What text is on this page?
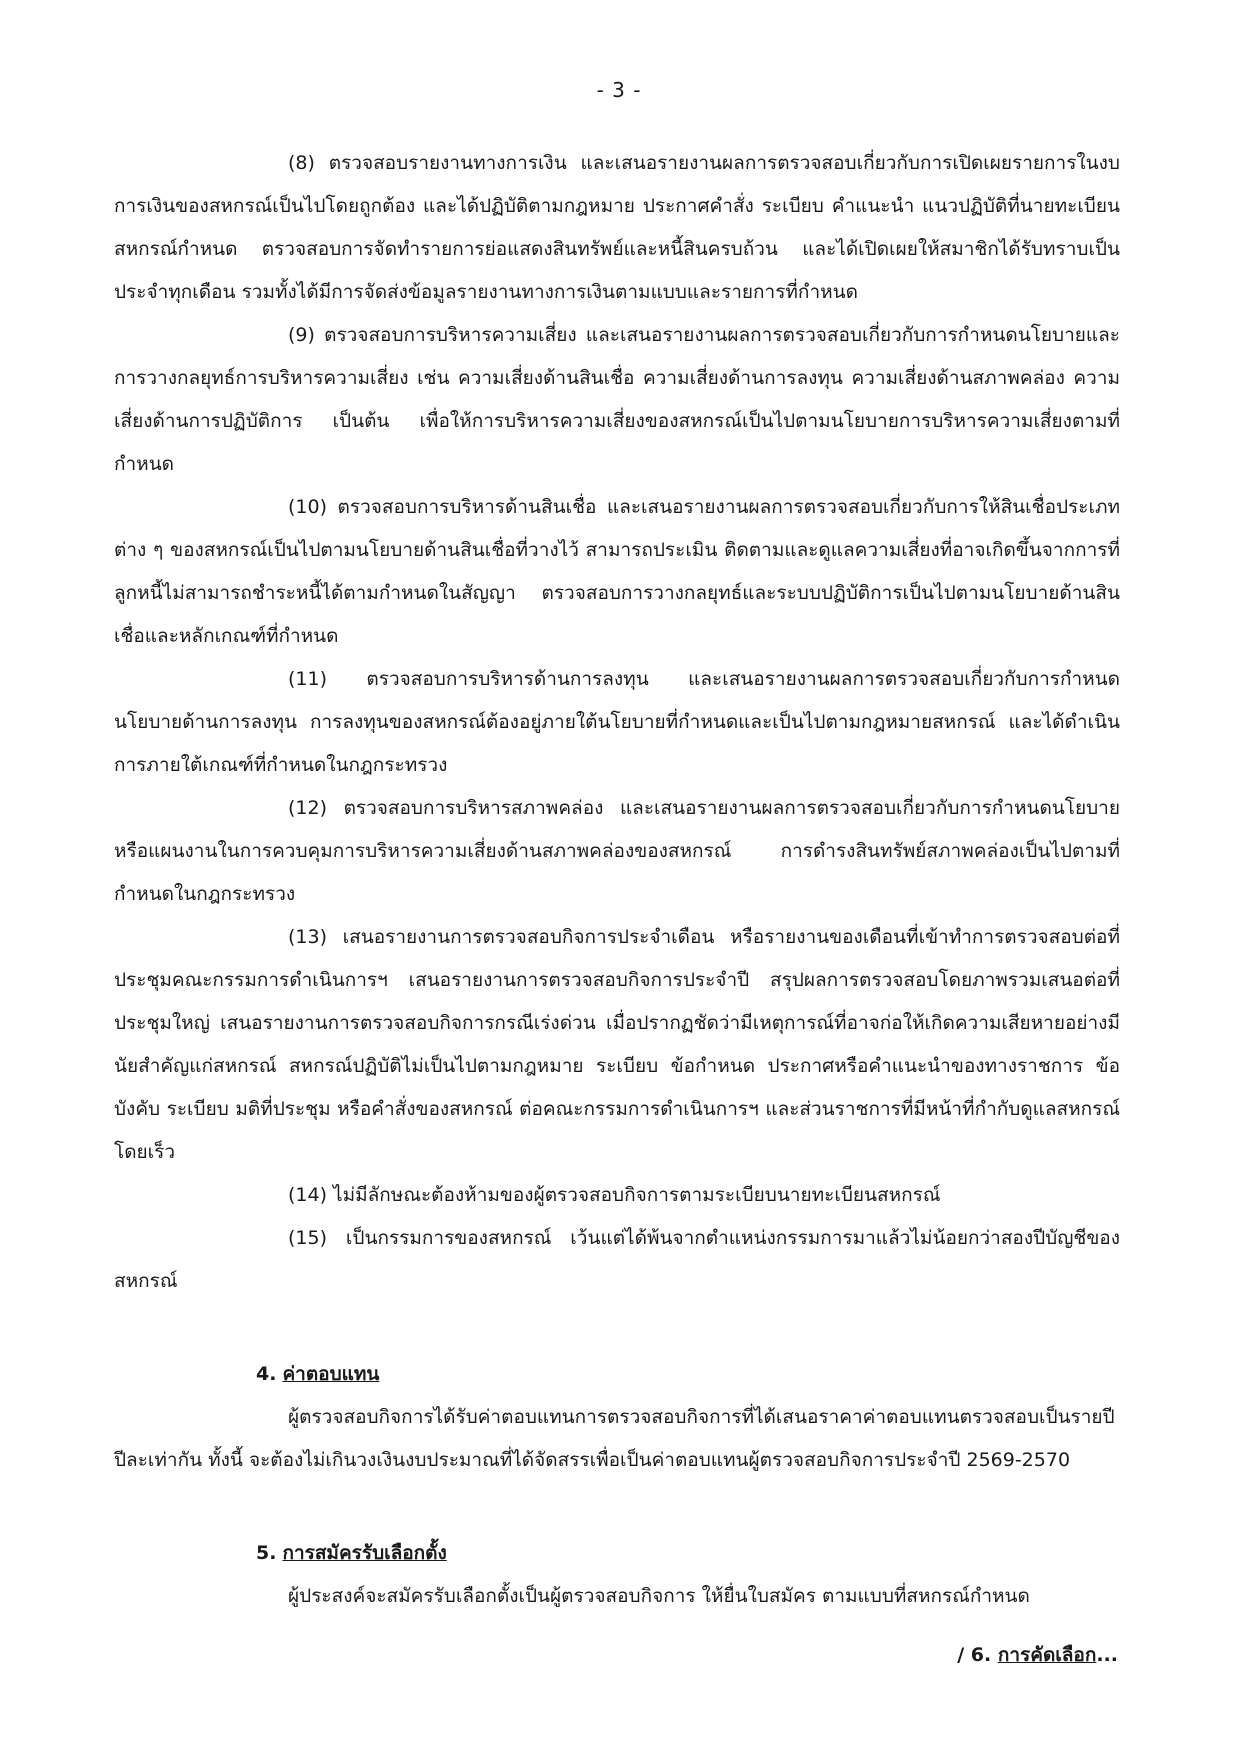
- 3 -

(8) ตรวจสอบรายงานทางการเงิน และเสนอรายงานผลการตรวจสอบเกี่ยวกับการเปิดเผยรายการในงบการเงินของสหกรณ์เป็นไปโดยถูกต้อง และได้ปฏิบัติตามกฎหมาย ประกาศคำสั่ง ระเบียบ คำแนะนำ แนวปฏิบัติที่นายทะเบียนสหกรณ์กำหนด ตรวจสอบการจัดทำรายการย่อแสดงสินทรัพย์และหนี้สินครบถ้วน และได้เปิดเผยให้สมาชิกได้รับทราบเป็นประจำทุกเดือน รวมทั้งได้มีการจัดส่งข้อมูลรายงานทางการเงินตามแบบและรายการที่กำหนด

(9) ตรวจสอบการบริหารความเสี่ยง และเสนอรายงานผลการตรวจสอบเกี่ยวกับการกำหนดนโยบายและการวางกลยุทธ์การบริหารความเสี่ยง เช่น ความเสี่ยงด้านสินเชื่อ ความเสี่ยงด้านการลงทุน ความเสี่ยงด้านสภาพคล่อง ความเสี่ยงด้านการปฏิบัติการ เป็นต้น เพื่อให้การบริหารความเสี่ยงของสหกรณ์เป็นไปตามนโยบายการบริหารความเสี่ยงตามที่กำหนด

(10) ตรวจสอบการบริหารด้านสินเชื่อ และเสนอรายงานผลการตรวจสอบเกี่ยวกับการให้สินเชื่อประเภทต่าง ๆ ของสหกรณ์เป็นไปตามนโยบายด้านสินเชื่อที่วางไว้ สามารถประเมิน ติดตามและดูแลความเสี่ยงที่อาจเกิดขึ้นจากการที่ลูกหนี้ไม่สามารถชำระหนี้ได้ตามกำหนดในสัญญา ตรวจสอบการวางกลยุทธ์และระบบปฏิบัติการเป็นไปตามนโยบายด้านสินเชื่อและหลักเกณฑ์ที่กำหนด

(11) ตรวจสอบการบริหารด้านการลงทุน และเสนอรายงานผลการตรวจสอบเกี่ยวกับการกำหนดนโยบายด้านการลงทุน การลงทุนของสหกรณ์ต้องอยู่ภายใต้นโยบายที่กำหนดและเป็นไปตามกฎหมายสหกรณ์ และได้ดำเนินการภายใต้เกณฑ์ที่กำหนดในกฎกระทรวง

(12) ตรวจสอบการบริหารสภาพคล่อง และเสนอรายงานผลการตรวจสอบเกี่ยวกับการกำหนดนโยบายหรือแผนงานในการควบคุมการบริหารความเสี่ยงด้านสภาพคล่องของสหกรณ์ การดำรงสินทรัพย์สภาพคล่องเป็นไปตามที่กำหนดในกฎกระทรวง

(13) เสนอรายงานการตรวจสอบกิจการประจำเดือน หรือรายงานของเดือนที่เข้าทำการตรวจสอบต่อที่ประชุมคณะกรรมการดำเนินการฯ เสนอรายงานการตรวจสอบกิจการประจำปี สรุปผลการตรวจสอบโดยภาพรวมเสนอต่อที่ประชุมใหญ่ เสนอรายงานการตรวจสอบกิจการกรณีเร่งด่วน เมื่อปรากฏชัดว่ามีเหตุการณ์ที่อาจก่อให้เกิดความเสียหายอย่างมีนัยสำคัญแก่สหกรณ์ สหกรณ์ปฏิบัติไม่เป็นไปตามกฎหมาย ระเบียบ ข้อกำหนด ประกาศหรือคำแนะนำของทางราชการ ข้อบังคับ ระเบียบ มติที่ประชุม หรือคำสั่งของสหกรณ์ ต่อคณะกรรมการดำเนินการฯ และส่วนราชการที่มีหน้าที่กำกับดูแลสหกรณ์โดยเร็ว

(14) ไม่มีลักษณะต้องห้ามของผู้ตรวจสอบกิจการตามระเบียบนายทะเบียนสหกรณ์

(15) เป็นกรรมการของสหกรณ์ เว้นแต่ได้พ้นจากตำแหน่งกรรมการมาแล้วไม่น้อยกว่าสองปีบัญชีของสหกรณ์

4. ค่าตอบแทน

ผู้ตรวจสอบกิจการได้รับค่าตอบแทนการตรวจสอบกิจการที่ได้เสนอราคาค่าตอบแทนตรวจสอบเป็นรายปีปีละเท่ากัน ทั้งนี้ จะต้องไม่เกินวงเงินงบประมาณที่ได้จัดสรรเพื่อเป็นค่าตอบแทนผู้ตรวจสอบกิจการประจำปี 2569-2570

5. การสมัครรับเลือกตั้ง

ผู้ประสงค์จะสมัครรับเลือกตั้งเป็นผู้ตรวจสอบกิจการ ให้ยื่นใบสมัคร ตามแบบที่สหกรณ์กำหนด

/ 6. การคัดเลือก...
